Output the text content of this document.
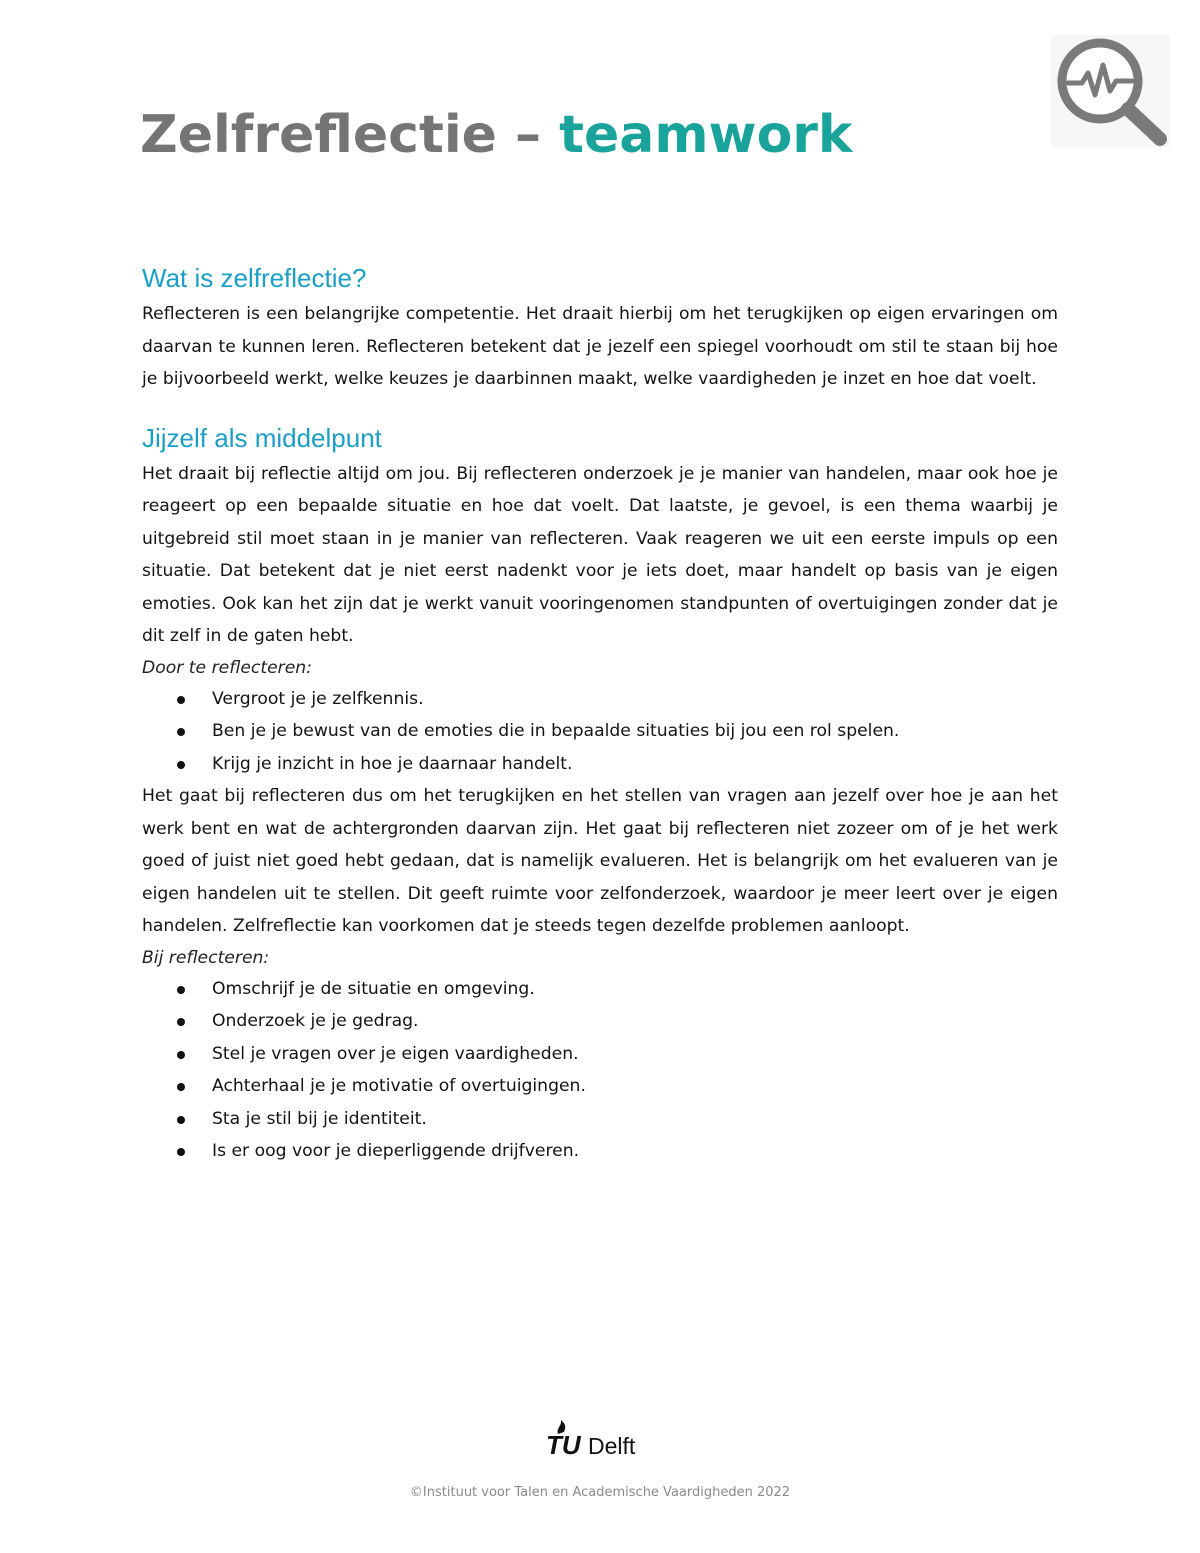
Zelfreflectie – teamwork
Wat is zelfreflectie?

Reflecteren is een belangrijke competentie. Het draait hierbij om het terugkijken op eigen ervaringen om daarvan te kunnen leren. Reflecteren betekent dat je jezelf een spiegel voorhoudt om stil te staan bij hoe je bijvoorbeeld werkt, welke keuzes je daarbinnen maakt, welke vaardigheden je inzet en hoe dat voelt.

Jijzelf als middelpunt

Het draait bij reflectie altijd om jou. Bij reflecteren onderzoek je je manier van handelen, maar ook hoe je reageert op een bepaalde situatie en hoe dat voelt. Dat laatste, je gevoel, is een thema waarbij je uitgebreid stil moet staan in je manier van reflecteren. Vaak reageren we uit een eerste impuls op een situatie. Dat betekent dat je niet eerst nadenkt voor je iets doet, maar handelt op basis van je eigen emoties. Ook kan het zijn dat je werkt vanuit vooringenomen standpunten of overtuigingen zonder dat je dit zelf in de gaten hebt.

Door te reflecteren:

Vergroot je je zelfkennis.
Ben je je bewust van de emoties die in bepaalde situaties bij jou een rol spelen.
Krijg je inzicht in hoe je daarnaar handelt.

Het gaat bij reflecteren dus om het terugkijken en het stellen van vragen aan jezelf over hoe je aan het werk bent en wat de achtergronden daarvan zijn. Het gaat bij reflecteren niet zozeer om of je het werk goed of juist niet goed hebt gedaan, dat is namelijk evalueren. Het is belangrijk om het evalueren van je eigen handelen uit te stellen. Dit geeft ruimte voor zelfonderzoek, waardoor je meer leert over je eigen handelen. Zelfreflectie kan voorkomen dat je steeds tegen dezelfde problemen aanloopt.

Bij reflecteren:

Omschrijf je de situatie en omgeving.
Onderzoek je je gedrag.
Stel je vragen over je eigen vaardigheden.
Achterhaal je je motivatie of overtuigingen.
Sta je stil bij je identiteit.
Is er oog voor je dieperliggende drijfveren.
TU Delft
©Instituut voor Talen en Academische Vaardigheden 2022
